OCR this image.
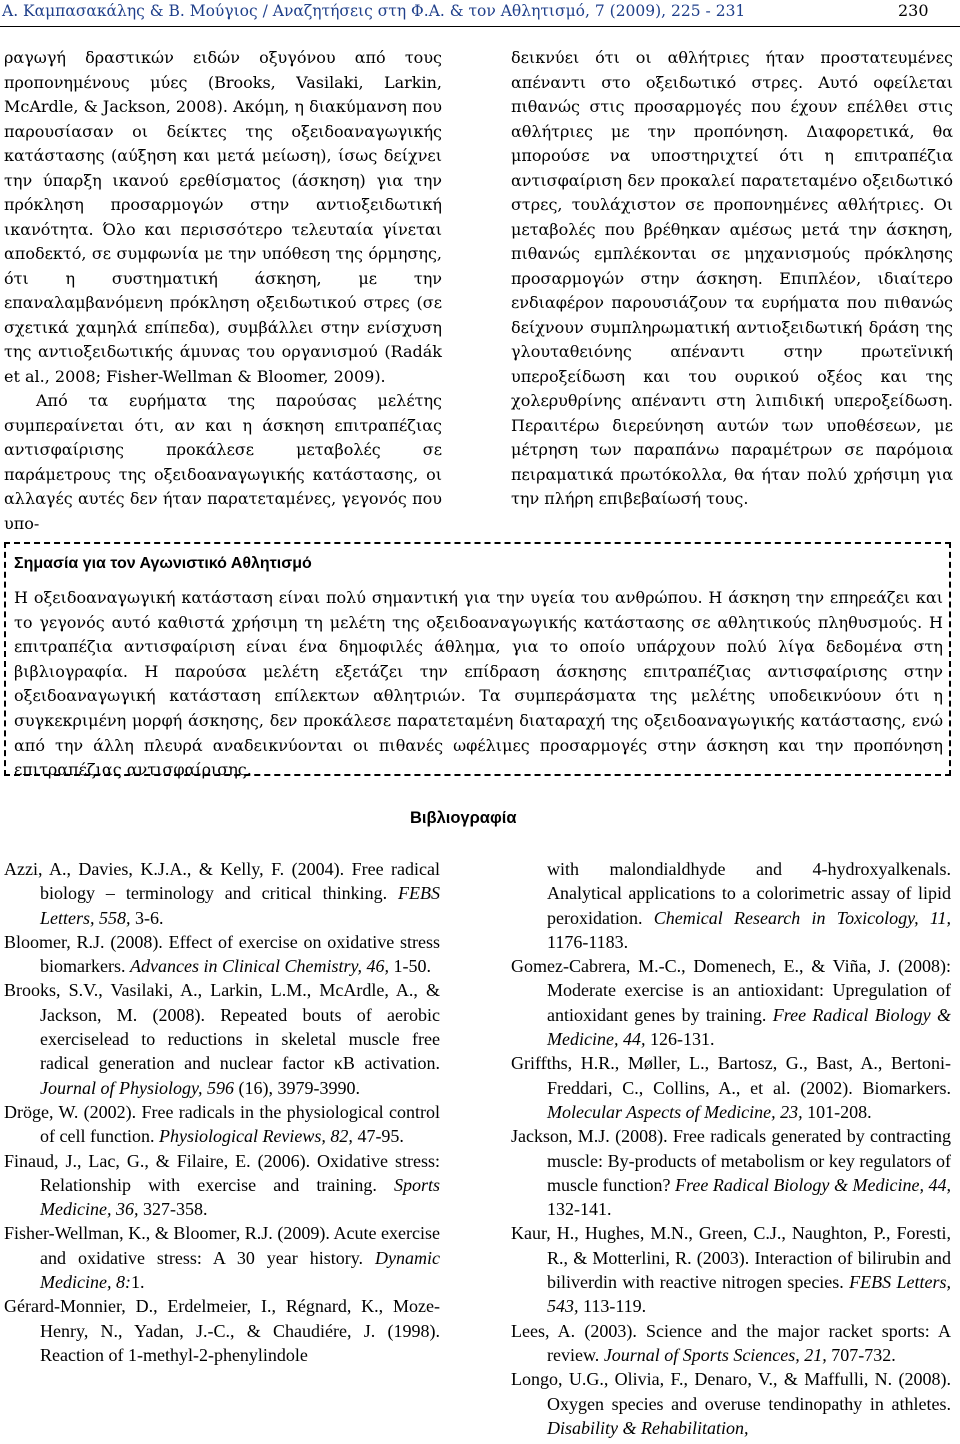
Α. Καμπασακάλης & Β. Μούγιος / Αναζητήσεις στη Φ.Α. & τον Αθλητισμό, 7 (2009), 225 - 231	230

ραγωγή δραστικών ειδών οξυγόνου από τους προπονημένους μύες (Brooks, Vasilaki, Larkin, McArdle, & Jackson, 2008). Ακόμη, η διακύμανση που παρουσίασαν οι δείκτες της οξειδοαναγωγικής κατάστασης (αύξηση και μετά μείωση), ίσως δείχνει την ύπαρξη ικανού ερεθίσματος (άσκηση) για την πρόκληση προσαρμογών στην αντιοξειδωτική ικανότητα. Όλο και περισσότερο τελευταία γίνεται αποδεκτό, σε συμφωνία με την υπόθεση της όρμησης, ότι η συστηματική άσκηση, με την επαναλαμβανόμενη πρόκληση οξειδωτικού στρες (σε σχετικά χαμηλά επίπεδα), συμβάλλει στην ενίσχυση της αντιοξειδωτικής άμυνας του οργανισμού (Radák et al., 2008; Fisher-Wellman & Bloomer, 2009).

Από τα ευρήματα της παρούσας μελέτης συμπεραίνεται ότι, αν και η άσκηση επιτραπέζιας αντισφαίρισης προκάλεσε μεταβολές σε παράμετρους της οξειδοαναγωγικής κατάστασης, οι αλλαγές αυτές δεν ήταν παρατεταμένες, γεγονός που υπο-

δεικνύει ότι οι αθλήτριες ήταν προστατευμένες απέναντι στο οξειδωτικό στρες. Αυτό οφείλεται πιθανώς στις προσαρμογές που έχουν επέλθει στις αθλήτριες με την προπόνηση. Διαφορετικά, θα μπορούσε να υποστηριχτεί ότι η επιτραπέζια αντισφαίριση δεν προκαλεί παρατεταμένο οξειδωτικό στρες, τουλάχιστον σε προπονημένες αθλήτριες. Οι μεταβολές που βρέθηκαν αμέσως μετά την άσκηση, πιθανώς εμπλέκονται σε μηχανισμούς πρόκλησης προσαρμογών στην άσκηση. Επιπλέον, ιδιαίτερο ενδιαφέρον παρουσιάζουν τα ευρήματα που πιθανώς δείχνουν συμπληρωματική αντιοξειδωτική δράση της γλουταθειόνης απέναντι στην πρωτεϊνική υπεροξείδωση και του ουρικού οξέος και της χολερυθρίνης απέναντι στη λιπιδική υπεροξείδωση. Περαιτέρω διερεύνηση αυτών των υποθέσεων, με μέτρηση των παραπάνω παραμέτρων σε παρόμοια πειραματικά πρωτόκολλα, θα ήταν πολύ χρήσιμη για την πλήρη επιβεβαίωσή τους.

Σημασία για τον Αγωνιστικό Αθλητισμό

Η οξειδοαναγωγική κατάσταση είναι πολύ σημαντική για την υγεία του ανθρώπου. Η άσκηση την επηρεάζει και το γεγονός αυτό καθιστά χρήσιμη τη μελέτη της οξειδοαναγωγικής κατάστασης σε αθλητικούς πληθυσμούς. Η επιτραπέζια αντισφαίριση είναι ένα δημοφιλές άθλημα, για το οποίο υπάρχουν πολύ λίγα δεδομένα στη βιβλιογραφία. Η παρούσα μελέτη εξετάζει την επίδραση άσκησης επιτραπέζιας αντισφαίρισης στην οξειδοαναγωγική κατάσταση επίλεκτων αθλητριών. Τα συμπεράσματα της μελέτης υποδεικνύουν ότι η συγκεκριμένη μορφή άσκησης, δεν προκάλεσε παρατεταμένη διαταραχή της οξειδοαναγωγικής κατάστασης, ενώ από την άλλη πλευρά αναδεικνύονται οι πιθανές ωφέλιμες προσαρμογές στην άσκηση και την προπόνηση επιτραπέζιας αντισφαίρισης.

Βιβλιογραφία

Azzi, A., Davies, K.J.A., & Kelly, F. (2004). Free radical biology – terminology and critical thinking. FEBS Letters, 558, 3-6.

Bloomer, R.J. (2008). Effect of exercise on oxidative stress biomarkers. Advances in Clinical Chemistry, 46, 1-50.

Brooks, S.V., Vasilaki, A., Larkin, L.M., McArdle, A., & Jackson, M. (2008). Repeated bouts of aerobic exerciselead to reductions in skeletal muscle free radical generation and nuclear factor κB activation. Journal of Physiology, 596 (16), 3979-3990.

Dröge, W. (2002). Free radicals in the physiological control of cell function. Physiological Reviews, 82, 47-95.

Finaud, J., Lac, G., & Filaire, E. (2006). Oxidative stress: Relationship with exercise and training. Sports Medicine, 36, 327-358.

Fisher-Wellman, K., & Bloomer, R.J. (2009). Acute exercise and oxidative stress: A 30 year history. Dynamic Medicine, 8:1.

Gérard-Monnier, D., Erdelmeier, I., Régnard, K., Moze-Henry, N., Yadan, J.-C., & Chaudiére, J. (1998). Reaction of 1-methyl-2-phenylindole

with malondialdhyde and 4-hydroxyalkenals. Analytical applications to a colorimetric assay of lipid peroxidation. Chemical Research in Toxicology, 11, 1176-1183.

Gomez-Cabrera, M.-C., Domenech, E., & Viña, J. (2008): Moderate exercise is an antioxidant: Upregulation of antioxidant genes by training. Free Radical Biology & Medicine, 44, 126-131.

Griffths, H.R., Møller, L., Bartosz, G., Bast, A., Bertoni-Freddari, C., Collins, A., et al. (2002). Biomarkers. Molecular Aspects of Medicine, 23, 101-208.

Jackson, M.J. (2008). Free radicals generated by contracting muscle: By-products of metabolism or key regulators of muscle function? Free Radical Biology & Medicine, 44, 132-141.

Kaur, H., Hughes, M.N., Green, C.J., Naughton, P., Foresti, R., & Motterlini, R. (2003). Interaction of bilirubin and biliverdin with reactive nitrogen species. FEBS Letters, 543, 113-119.

Lees, A. (2003). Science and the major racket sports: A review. Journal of Sports Sciences, 21, 707-732.

Longo, U.G., Olivia, F., Denaro, V., & Maffulli, N. (2008). Oxygen species and overuse tendinopathy in athletes. Disability & Rehabilitation,
